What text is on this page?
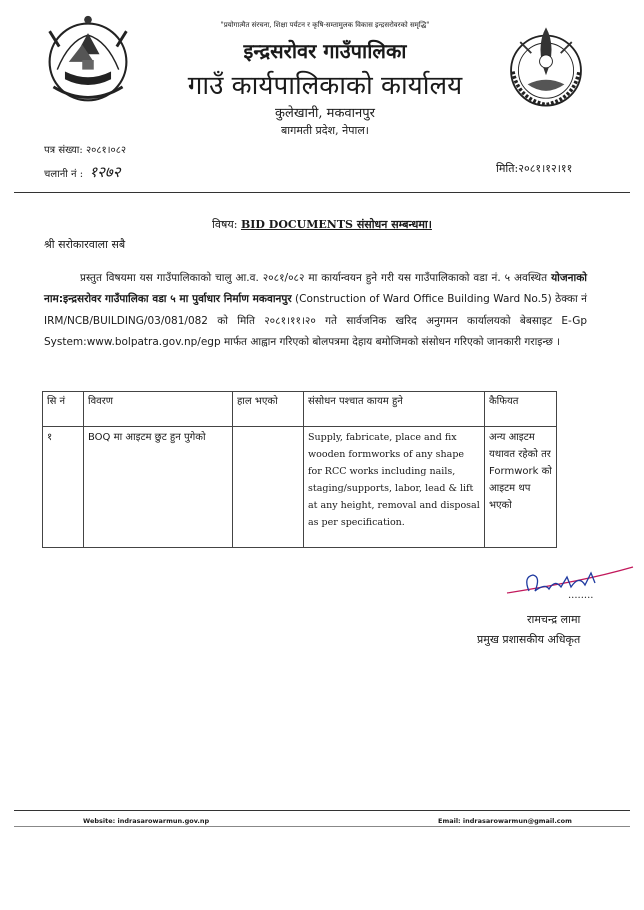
"प्रयोगात्मैत संरचना, शिक्षा पर्यटन र कृषि-सम्तामुलक विकास इन्द्रसरोवरको समृद्धि"
इन्द्रसरोवर गाउँपालिका
गाउँ कार्यपालिकाको कार्यालय
कुलेखानी, मकवानपुर
बागमती प्रदेश, नेपाल।
पत्र संख्या: २०८१।०८२
चलानी नं : १२७२	मिति:२०८१।१२।११
विषय: BID DOCUMENTS संसोधन सम्बन्धमा।
श्री सरोकारवाला सबै
प्रस्तुत विषयमा यस गाउँपालिकाको चालु आ.व. २०८१/०८२ मा कार्यान्वयन हुने गरी यस गाउँपालिकाको वडा नं. ५ अवस्थित योजनाको नाम:इन्द्रसरोवर गाउँपालिका वडा ५ मा पुर्वाधार निर्माण मकवानपुर (Construction of Ward Office Building Ward No.5) ठेक्का नं IRM/NCB/BUILDING/03/081/082 को मिति २०८१।११।२० गते सार्वजनिक खरिद अनुगमन कार्यालयको बेबसाइट E-Gp System:www.bolpatra.gov.np/egp मार्फत आह्वान गरिएको बोलपत्रमा देहाय बमोजिमको संसोधन गरिएको जानकारी गराइन्छ ।
सि नं	विवरण	हाल भएको	संसोधन पश्चात कायम हुने	कैफियत
१	BOQ मा आइटम छुट हुन पुगेको		Supply, fabricate, place and fix wooden formworks of any shape for RCC works including nails, staging/supports, labor, lead & lift at any height, removal and disposal as per specification.	अन्य आइटम यथावत रहेको तर Formwork को आइटम थप भएको
........
रामचन्द्र लामा
प्रमुख प्रशासकीय अधिकृत
Website: indrasarowarmun.gov.np	Email: indrasarowarmun@gmail.com
